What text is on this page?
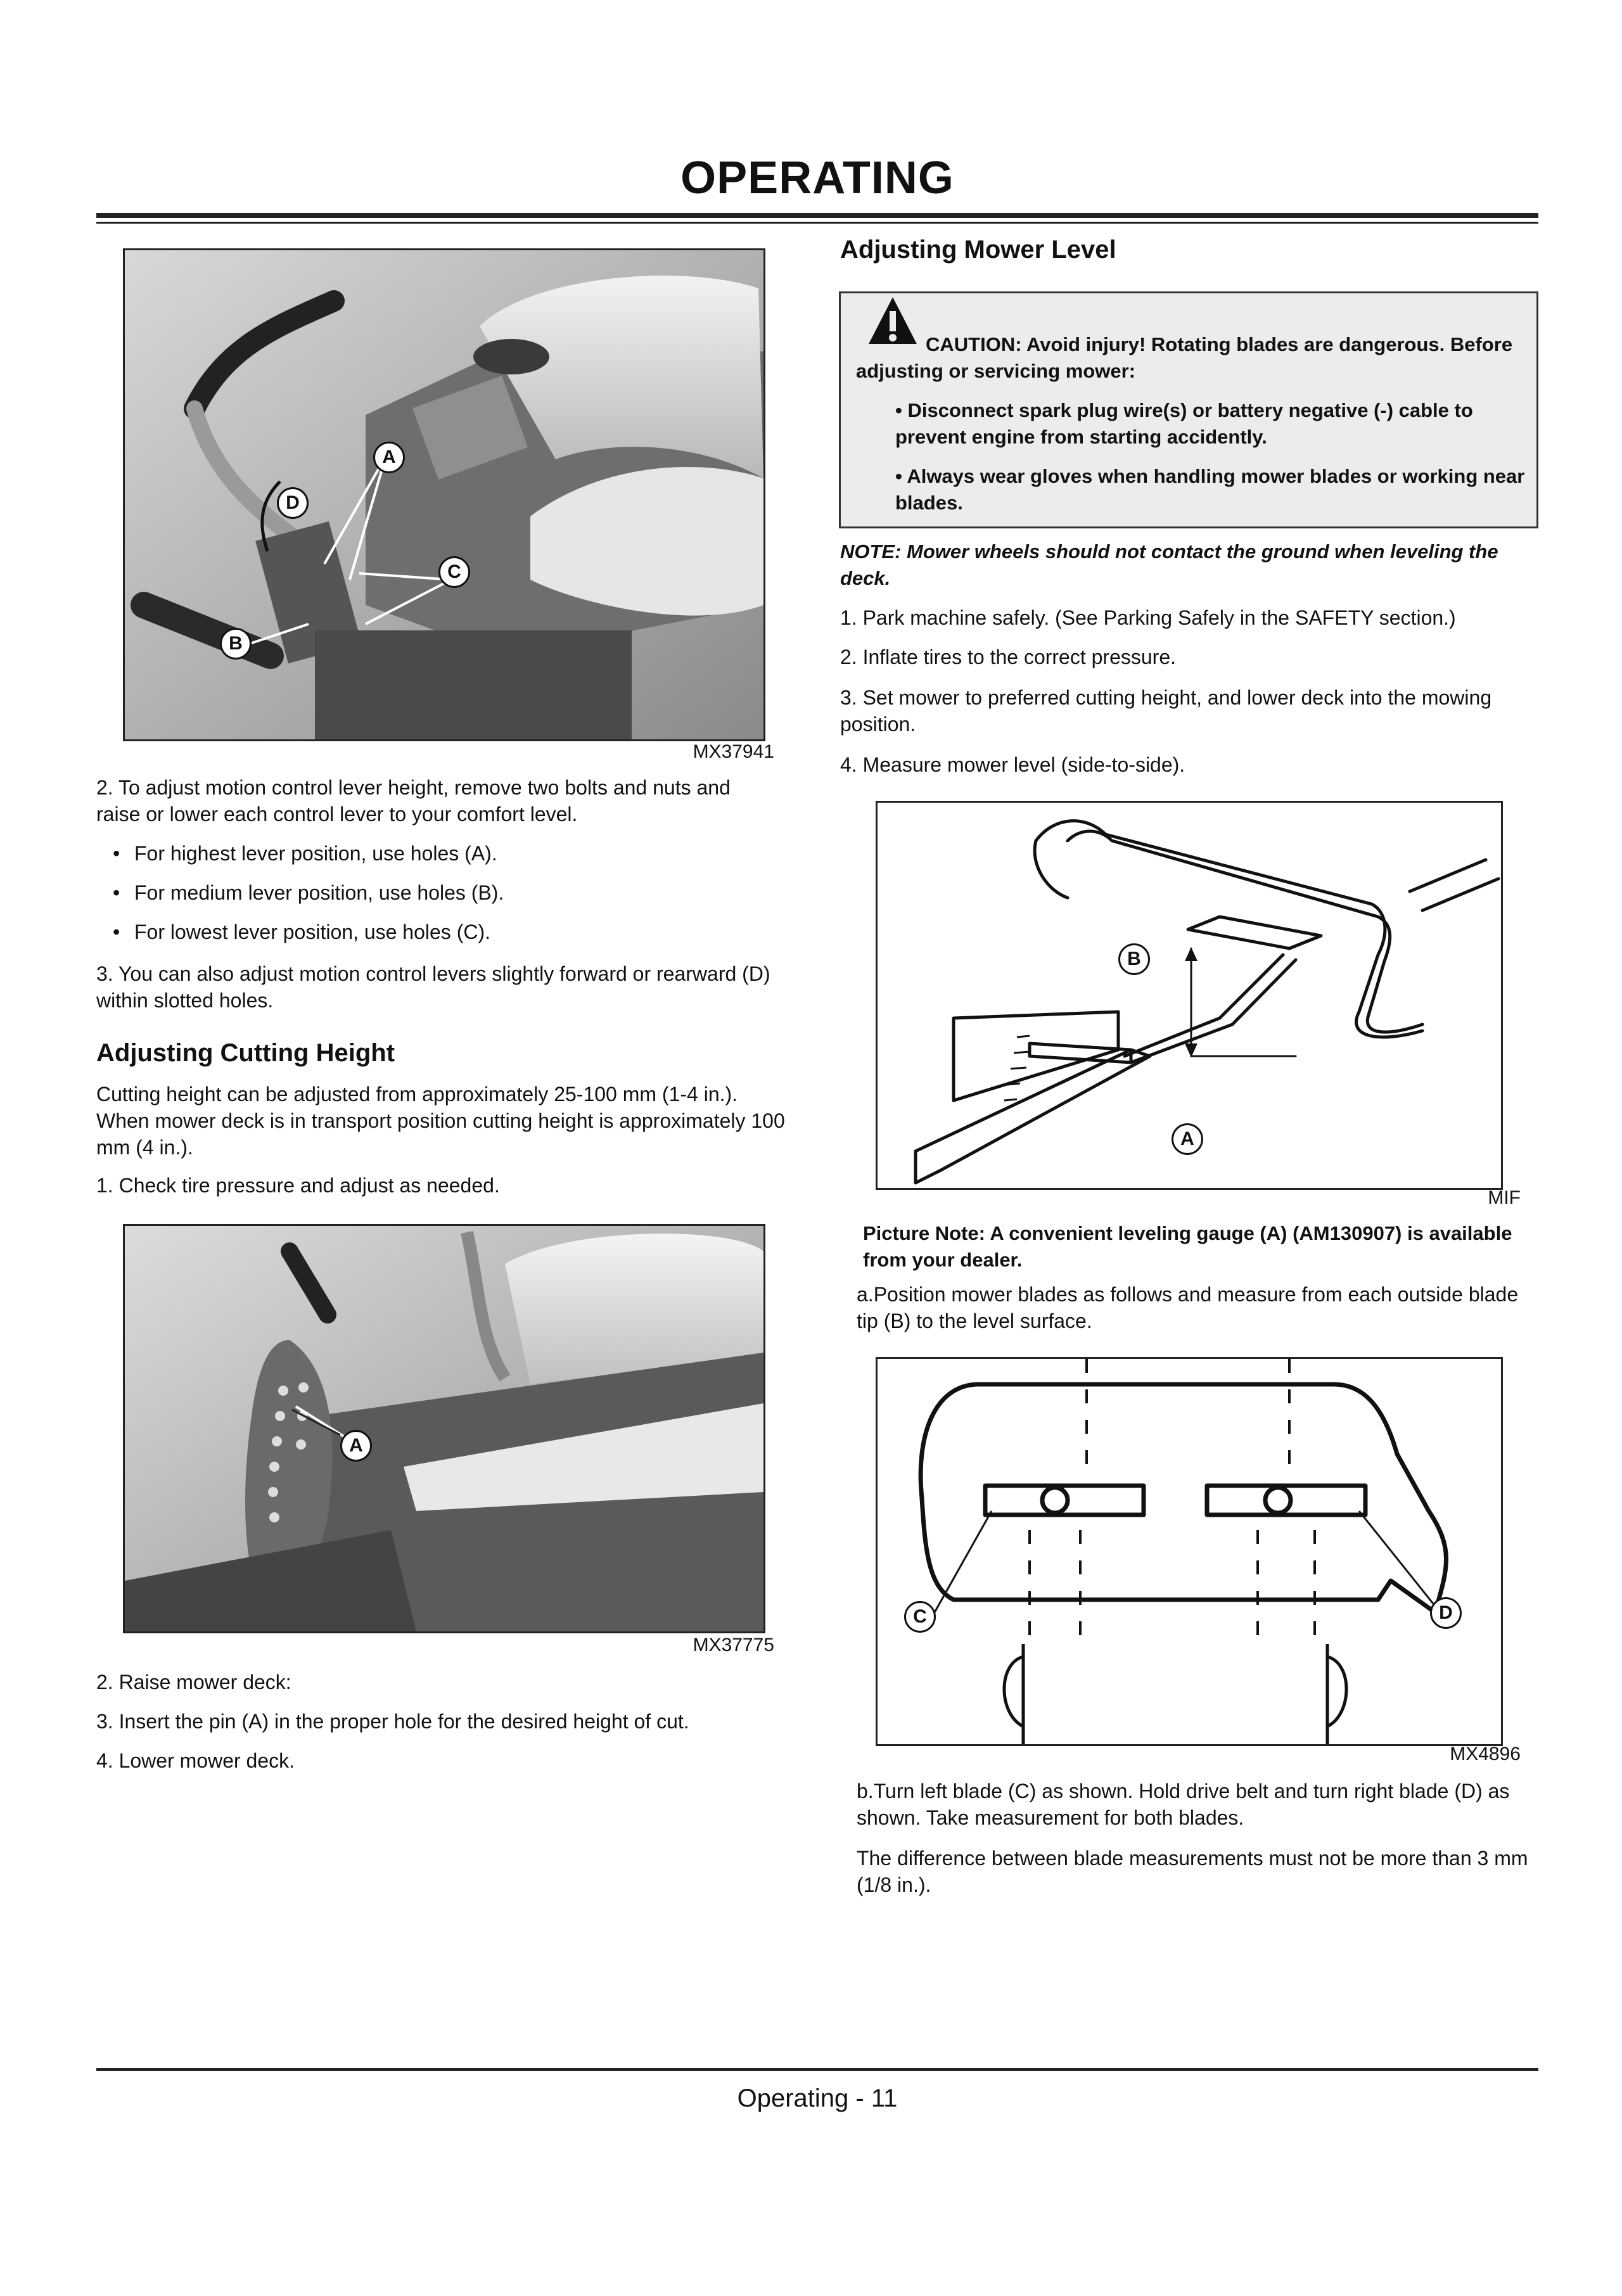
OPERATING
A
D
C
B
MX37941
2. To adjust motion control lever height, remove two bolts and nuts and raise or lower each control lever to your comfort level.
• For highest lever position, use holes (A).
• For medium lever position, use holes (B).
• For lowest lever position, use holes (C).
3. You can also adjust motion control levers slightly forward or rearward (D) within slotted holes.
Adjusting Cutting Height
Cutting height can be adjusted from approximately 25-100 mm (1-4 in.). When mower deck is in transport position cutting height is approximately 100 mm (4 in.).
1. Check tire pressure and adjust as needed.
A
MX37775
2. Raise mower deck:
3. Insert the pin (A) in the proper hole for the desired height of cut.
4. Lower mower deck.
Adjusting Mower Level
CAUTION: Avoid injury! Rotating blades are dangerous. Before adjusting or servicing mower:
• Disconnect spark plug wire(s) or battery negative (-) cable to prevent engine from starting accidently.
• Always wear gloves when handling mower blades or working near blades.
NOTE: Mower wheels should not contact the ground when leveling the deck.
1. Park machine safely. (See Parking Safely in the SAFETY section.)
2. Inflate tires to the correct pressure.
3. Set mower to preferred cutting height, and lower deck into the mowing position.
4. Measure mower level (side-to-side).
B
A
MIF
Picture Note: A convenient leveling gauge (A) (AM130907) is available from your dealer.
a.Position mower blades as follows and measure from each outside blade tip (B) to the level surface.
C	D
MX4896
b.Turn left blade (C) as shown. Hold drive belt and turn right blade (D) as shown. Take measurement for both blades.
The difference between blade measurements must not be more than 3 mm (1/8 in.).
Operating - 11
